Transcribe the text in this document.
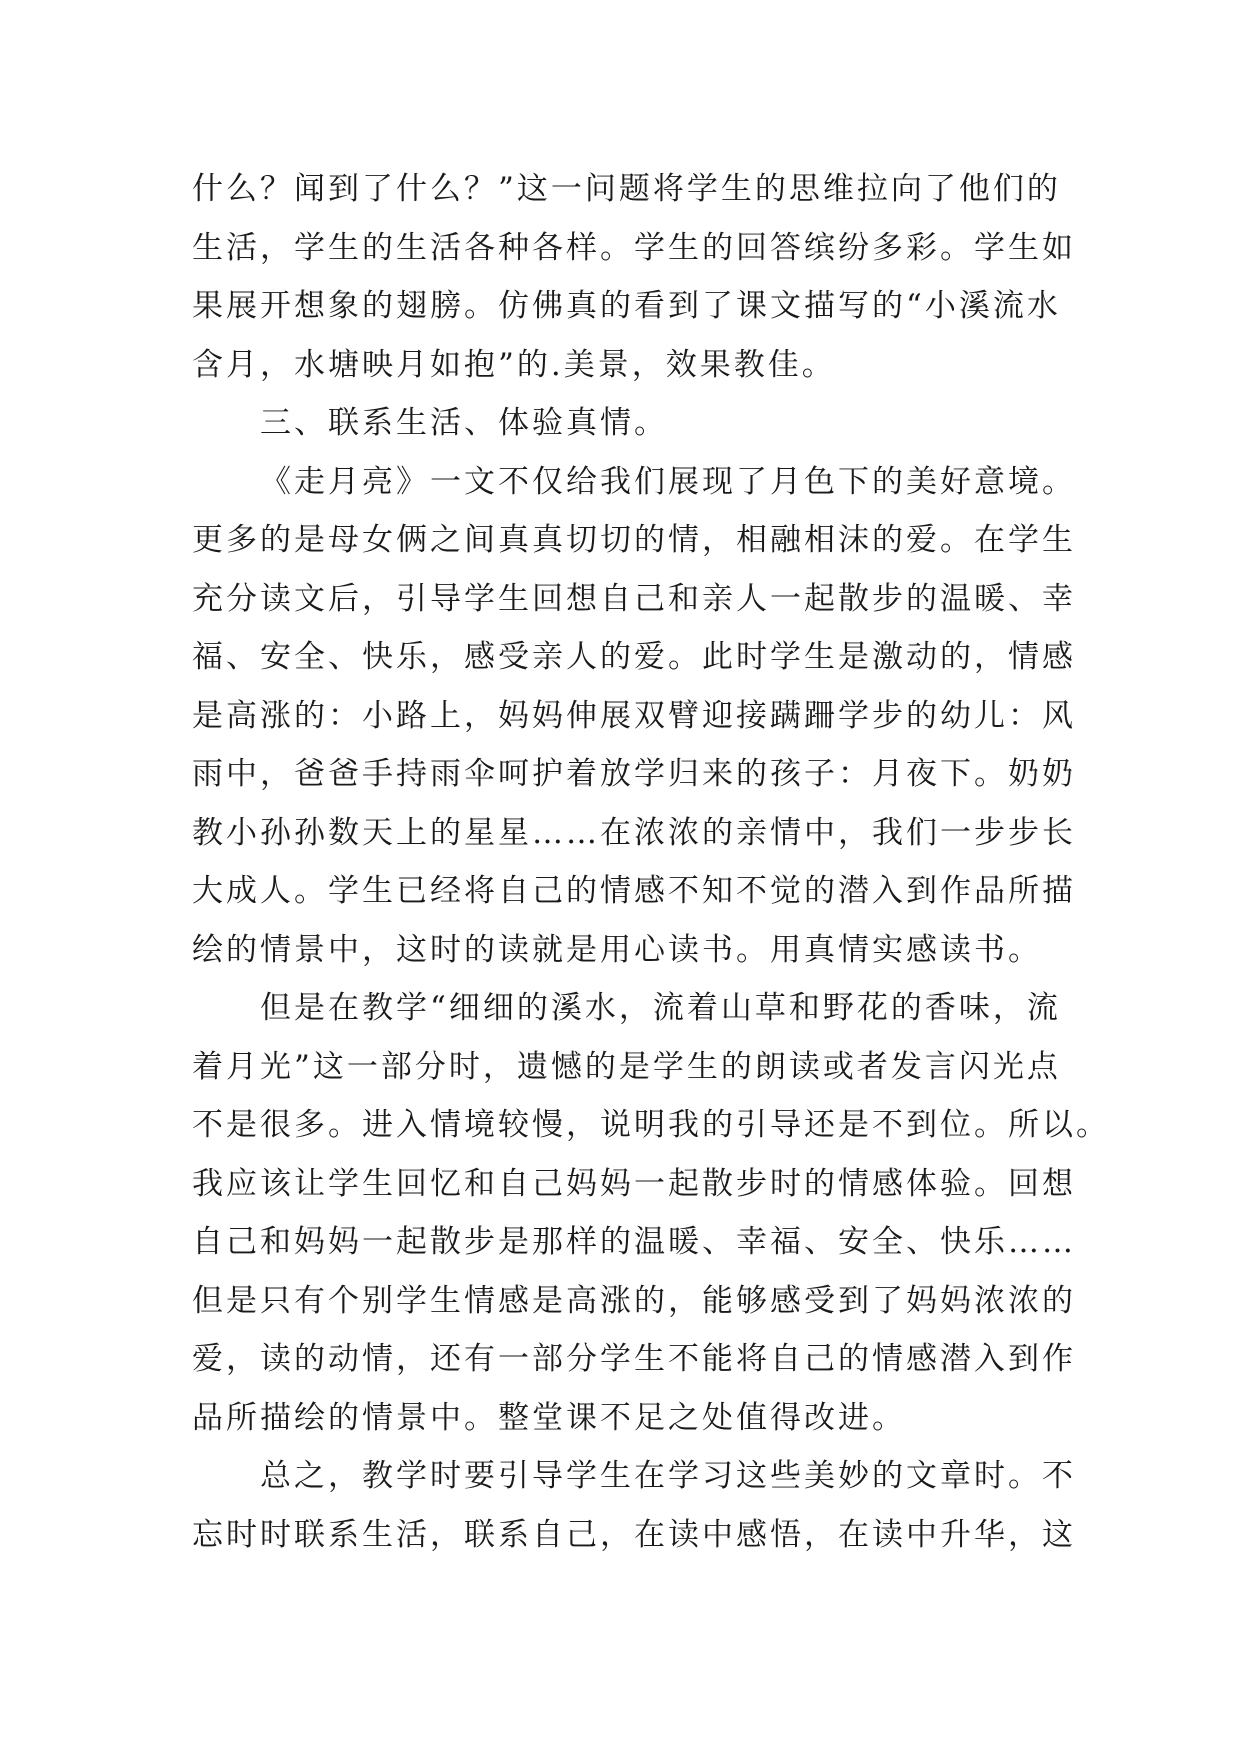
什么？闻到了什么？”这一问题将学生的思维拉向了他们的
生活，学生的生活各种各样。学生的回答缤纷多彩。学生如
果展开想象的翅膀。仿佛真的看到了课文描写的“小溪流水
含月，水塘映月如抱”的.美景，效果教佳。
三、联系生活、体验真情。
《走月亮》一文不仅给我们展现了月色下的美好意境。
更多的是母女俩之间真真切切的情，相融相沫的爱。在学生
充分读文后，引导学生回想自己和亲人一起散步的温暖、幸
福、安全、快乐，感受亲人的爱。此时学生是激动的，情感
是高涨的：小路上，妈妈伸展双臂迎接蹒跚学步的幼儿：风
雨中，爸爸手持雨伞呵护着放学归来的孩子：月夜下。奶奶
教小孙孙数天上的星星……在浓浓的亲情中，我们一步步长
大成人。学生已经将自己的情感不知不觉的潜入到作品所描
绘的情景中，这时的读就是用心读书。用真情实感读书。
但是在教学“细细的溪水，流着山草和野花的香味，流
着月光”这一部分时，遗憾的是学生的朗读或者发言闪光点
不是很多。进入情境较慢，说明我的引导还是不到位。所以。
我应该让学生回忆和自己妈妈一起散步时的情感体验。回想
自己和妈妈一起散步是那样的温暖、幸福、安全、快乐……
但是只有个别学生情感是高涨的，能够感受到了妈妈浓浓的
爱，读的动情，还有一部分学生不能将自己的情感潜入到作
品所描绘的情景中。整堂课不足之处值得改进。
总之，教学时要引导学生在学习这些美妙的文章时。不
忘时时联系生活，联系自己，在读中感悟，在读中升华，这
